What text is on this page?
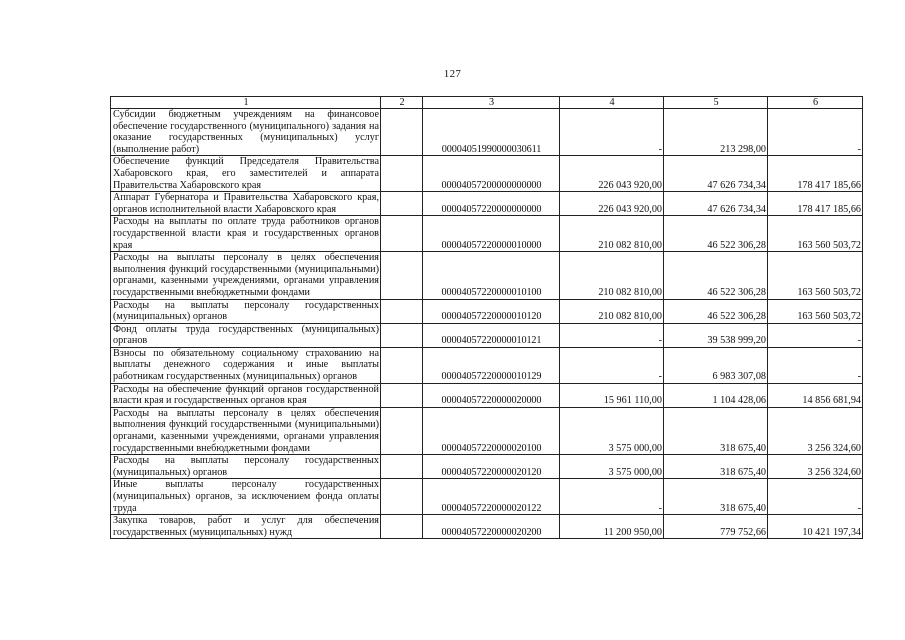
127
1	2	3	4	5	6
Субсидии бюджетным учреждениям на финансовое обеспечение государственного (муниципального) задания на оказание государственных (муниципальных) услуг (выполнение работ)		00004051990000030611	-	213 298,00	-
Обеспечение функций Председателя Правительства Хабаровского края, его заместителей и аппарата Правительства Хабаровского края		00004057200000000000	226 043 920,00	47 626 734,34	178 417 185,66
Аппарат Губернатора и Правительства Хабаровского края, органов исполнительной власти Хабаровского края		00004057220000000000	226 043 920,00	47 626 734,34	178 417 185,66
Расходы на выплаты по оплате труда работников органов государственной власти края и государственных органов края		00004057220000010000	210 082 810,00	46 522 306,28	163 560 503,72
Расходы на выплаты персоналу в целях обеспечения выполнения функций государственными (муниципальными) органами, казенными учреждениями, органами управления государственными внебюджетными фондами		00004057220000010100	210 082 810,00	46 522 306,28	163 560 503,72
Расходы на выплаты персоналу государственных (муниципальных) органов		00004057220000010120	210 082 810,00	46 522 306,28	163 560 503,72
Фонд оплаты труда государственных (муниципальных) органов		00004057220000010121	-	39 538 999,20	-
Взносы по обязательному социальному страхованию на выплаты денежного содержания и иные выплаты работникам государственных (муниципальных) органов		00004057220000010129	-	6 983 307,08	-
Расходы на обеспечение функций органов государственной власти края и государственных органов края		00004057220000020000	15 961 110,00	1 104 428,06	14 856 681,94
Расходы на выплаты персоналу в целях обеспечения выполнения функций государственными (муниципальными) органами, казенными учреждениями, органами управления государственными внебюджетными фондами		00004057220000020100	3 575 000,00	318 675,40	3 256 324,60
Расходы на выплаты персоналу государственных (муниципальных) органов		00004057220000020120	3 575 000,00	318 675,40	3 256 324,60
Иные выплаты персоналу государственных (муниципальных) органов, за исключением фонда оплаты труда		00004057220000020122	-	318 675,40	-
Закупка товаров, работ и услуг для обеспечения государственных (муниципальных) нужд		00004057220000020200	11 200 950,00	779 752,66	10 421 197,34
